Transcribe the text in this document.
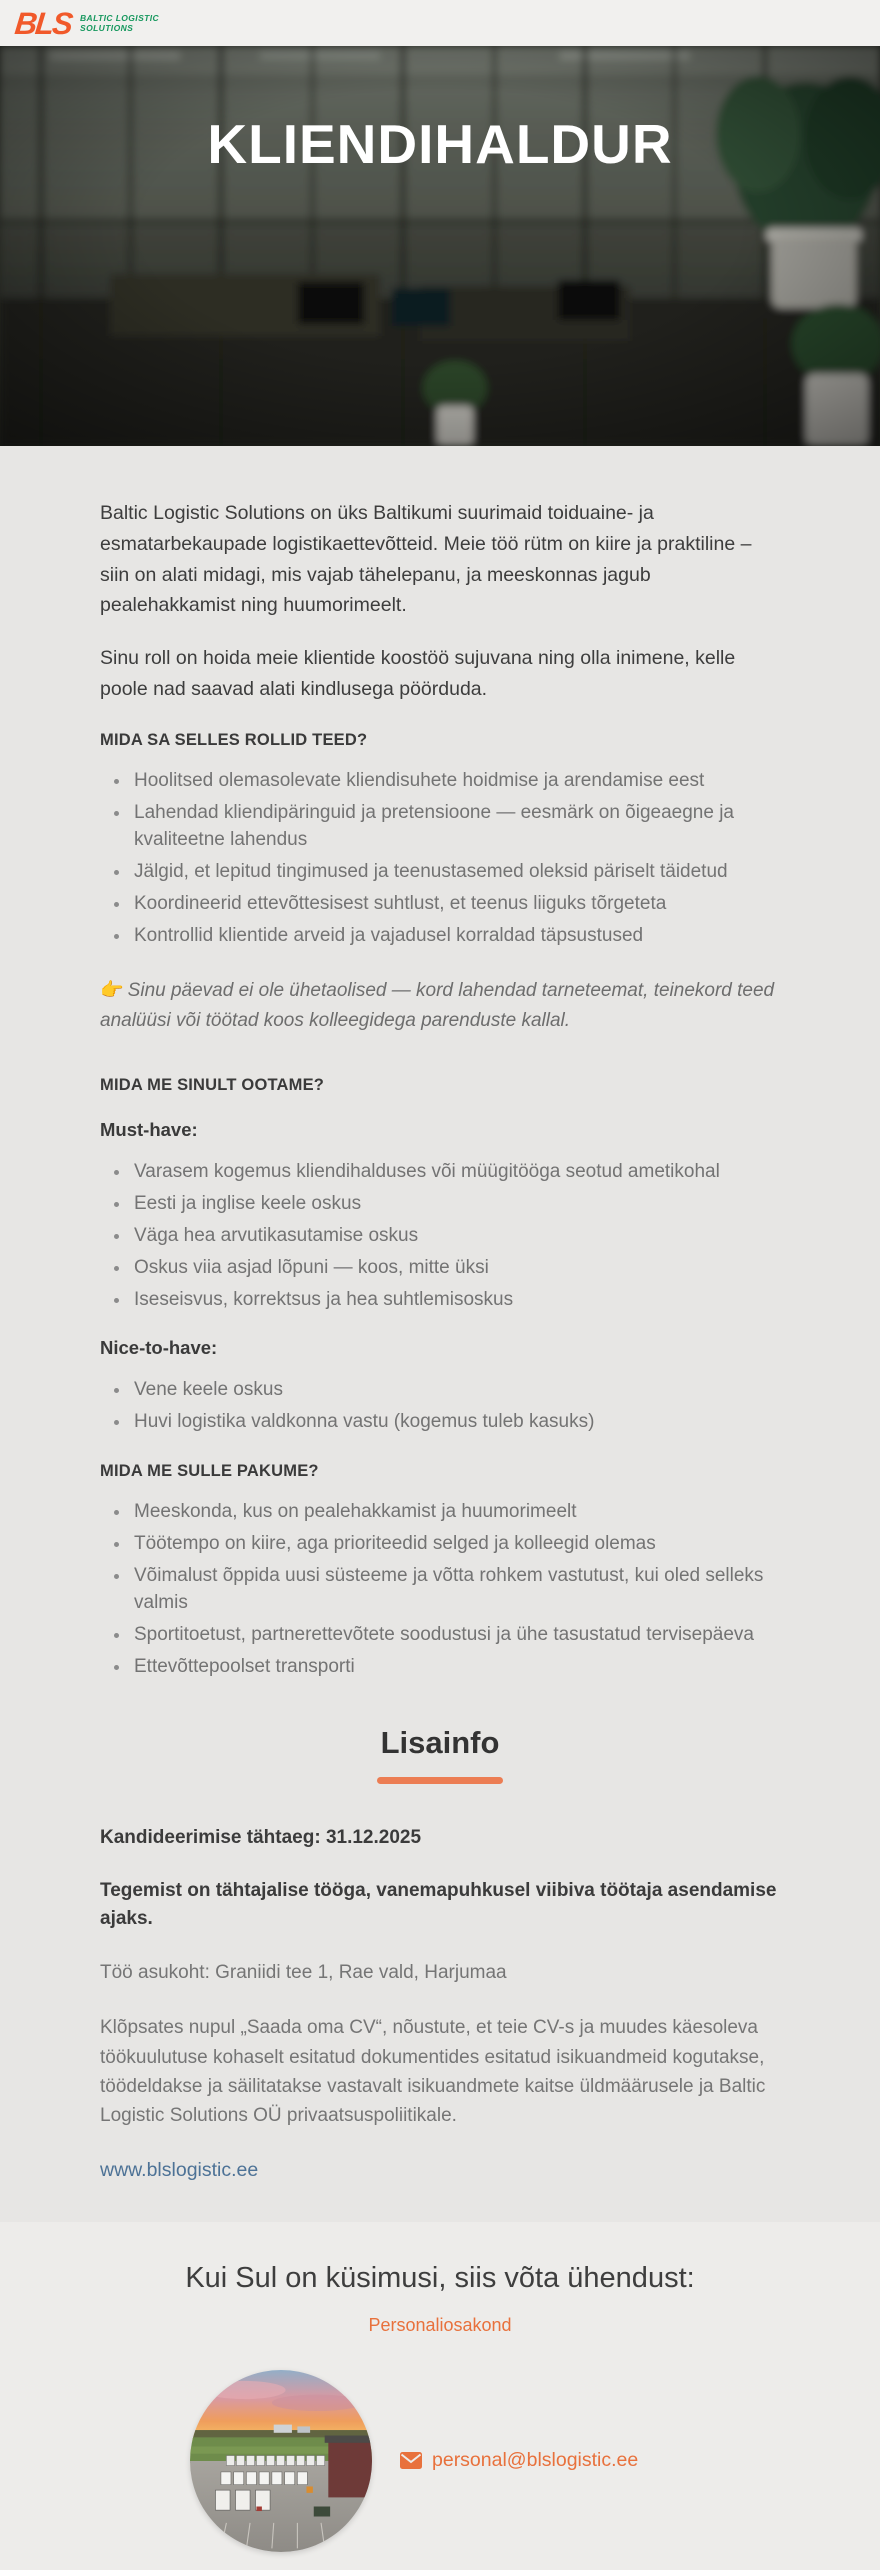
BLS BALTIC LOGISTIC
SOLUTIONS
KLIENDIHALDUR

Baltic Logistic Solutions on üks Baltikumi suurimaid toiduaine- ja esmatarbekaupade logistikaettevõtteid. Meie töö rütm on kiire ja praktiline – siin on alati midagi, mis vajab tähelepanu, ja meeskonnas jagub pealehakkamist ning huumorimeelt.

Sinu roll on hoida meie klientide koostöö sujuvana ning olla inimene, kelle poole nad saavad alati kindlusega pöörduda.

MIDA SA SELLES ROLLID TEED?
• Hoolitsed olemasolevate kliendisuhete hoidmise ja arendamise eest
• Lahendad kliendipäringuid ja pretensioone — eesmärk on õigeaegne ja kvaliteetne lahendus
• Jälgid, et lepitud tingimused ja teenustasemed oleksid päriselt täidetud
• Koordineerid ettevõttesisest suhtlust, et teenus liiguks tõrgeteta
• Kontrollid klientide arveid ja vajadusel korraldad täpsustused

👉 Sinu päevad ei ole ühetaolised — kord lahendad tarneteemat, teinekord teed analüüsi või töötad koos kolleegidega parenduste kallal.

MIDA ME SINULT OOTAME?
Must-have:
• Varasem kogemus kliendihalduses või müügitööga seotud ametikohal
• Eesti ja inglise keele oskus
• Väga hea arvutikasutamise oskus
• Oskus viia asjad lõpuni — koos, mitte üksi
• Iseseisvus, korrektsus ja hea suhtlemisoskus
Nice-to-have:
• Vene keele oskus
• Huvi logistika valdkonna vastu (kogemus tuleb kasuks)
MIDA ME SULLE PAKUME?
• Meeskonda, kus on pealehakkamist ja huumorimeelt
• Töötempo on kiire, aga prioriteedid selged ja kolleegid olemas
• Võimalust õppida uusi süsteeme ja võtta rohkem vastutust, kui oled selleks valmis
• Sportitoetust, partnerettevõtete soodustusi ja ühe tasustatud tervisepäeva
• Ettevõttepoolset transporti
Lisainfo

Kandideerimise tähtaeg: 31.12.2025

Tegemist on tähtajalise tööga, vanemapuhkusel viibiva töötaja asendamise ajaks.

Töö asukoht: Graniidi tee 1, Rae vald, Harjumaa

Klõpsates nupul „Saada oma CV“, nõustute, et teie CV-s ja muudes käesoleva töökuulutuse kohaselt esitatud dokumentides esitatud isikuandmeid kogutakse, töödeldakse ja säilitatakse vastavalt isikuandmete kaitse üldmäärusele ja Baltic Logistic Solutions OÜ privaatsuspoliitikale.

www.blslogistic.ee
Kui Sul on küsimusi, siis võta ühendust:
Personaliosakond
personal@blslogistic.ee
